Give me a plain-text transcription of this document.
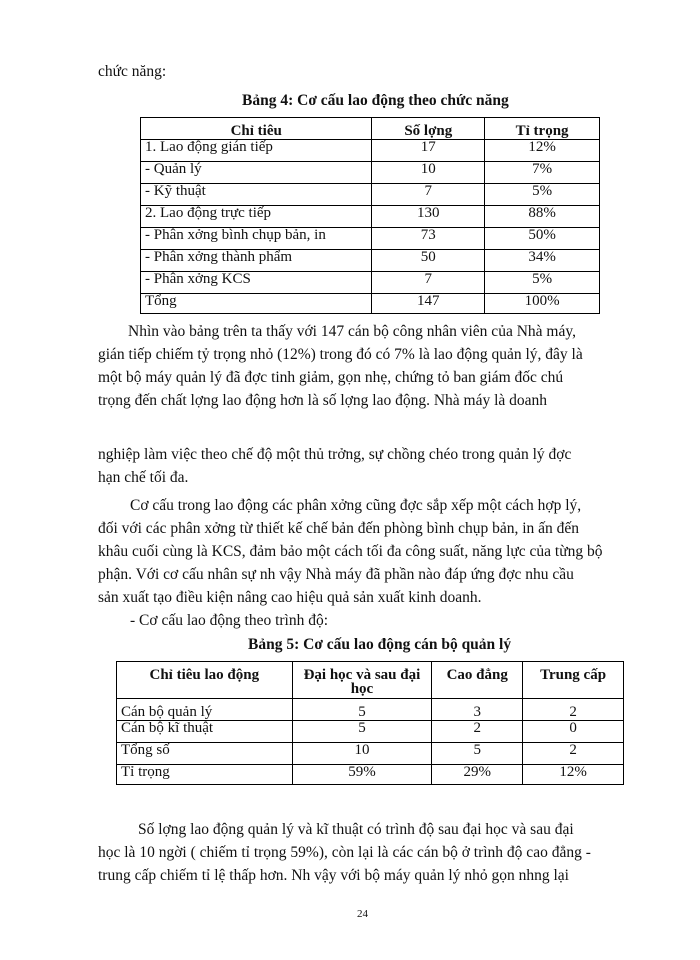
chức năng:
Bảng 4: Cơ cấu lao động theo chức năng
Chỉ tiêu	Số lợng	Tỉ trọng
1. Lao động gián tiếp	17	12%
- Quản lý	10	7%
- Kỹ thuật	7	5%
2. Lao động trực tiếp	130	88%
- Phân xởng bình chụp bản, in	73	50%
- Phân xởng thành phẩm	50	34%
- Phân xởng KCS	7	5%
Tổng	147	100%
Nhìn vào bảng trên ta thấy với 147 cán bộ công nhân viên của Nhà máy,
gián tiếp chiếm tỷ trọng nhỏ (12%) trong đó có 7% là lao động quản lý, đây là
một bộ máy quản lý đã đợc tinh giảm, gọn nhẹ, chứng tỏ ban giám đốc chú
trọng đến chất lợng lao động hơn là số lợng lao động. Nhà máy là doanh
nghiệp làm việc theo chế độ một thủ trởng, sự chồng chéo trong quản lý đợc
hạn chế tối đa.
Cơ cấu trong lao động các phân xởng cũng đợc sắp xếp một cách hợp lý,
đối với các phân xởng từ thiết kế chế bản đến phòng bình chụp bản, in ấn đến
khâu cuối cùng là KCS, đảm bảo một cách tối đa công suất, năng lực của từng bộ
phận. Với cơ cấu nhân sự nh vậy Nhà máy đã phần nào đáp ứng đợc nhu cầu
sản xuất tạo điều kiện nâng cao hiệu quả sản xuất kinh doanh.
- Cơ cấu lao động theo trình độ:
Bảng 5: Cơ cấu lao động cán bộ quản lý
Chỉ tiêu lao động	Đại học và sau đại học	Cao đẳng	Trung cấp
Cán bộ quản lý	5	3	2
Cán bộ kĩ thuật	5	2	0
Tổng số	10	5	2
Tỉ trọng	59%	29%	12%
Số lợng lao động quản lý và kĩ thuật có trình độ sau đại học và sau đại
học là 10 ngời ( chiếm tỉ trọng 59%), còn lại là các cán bộ ở trình độ cao đẳng -
trung cấp chiếm tỉ lệ thấp hơn. Nh vậy với bộ máy quản lý nhỏ gọn nhng lại
24
